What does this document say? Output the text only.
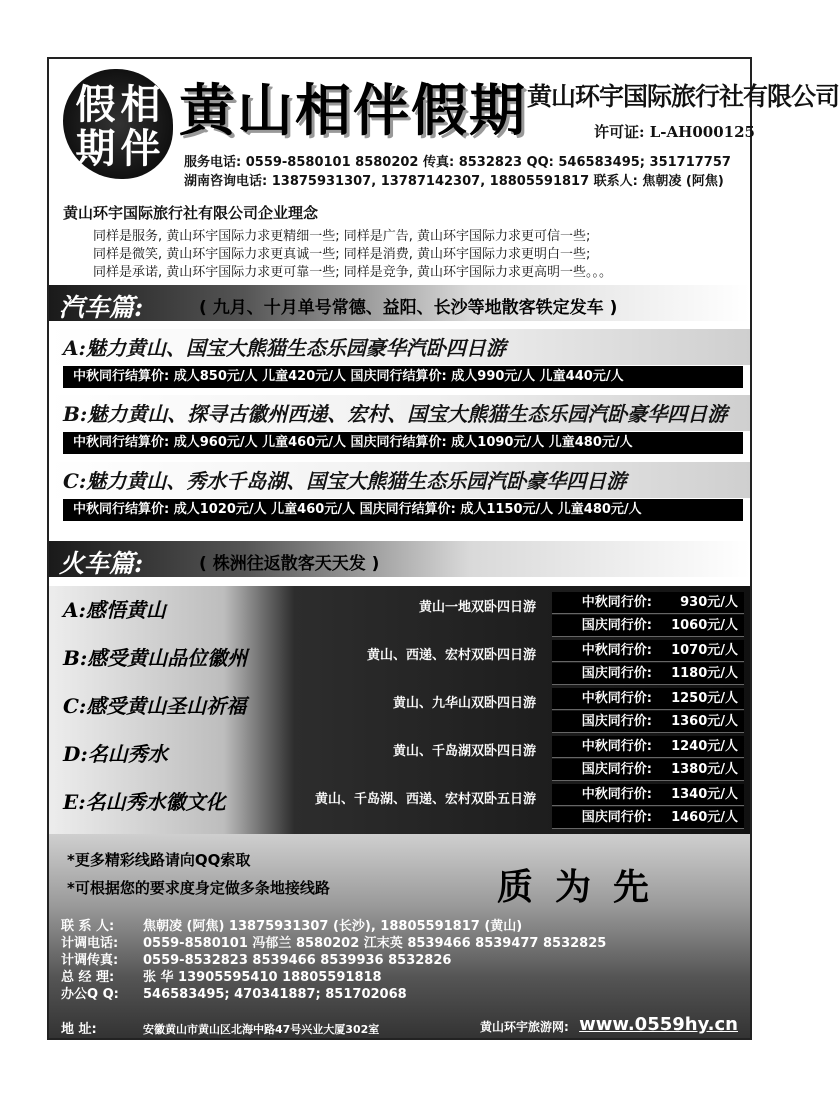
假 相
期 伴
黄山相伴假期 黄山环宇国际旅行社有限公司
许可证: L-AH000125
服务电话: 0559-8580101 8580202 传真: 8532823 QQ: 546583495; 351717757
湖南咨询电话: 13875931307, 13787142307, 18805591817 联系人: 焦朝凌 (阿焦)
黄山环宇国际旅行社有限公司企业理念
同样是服务, 黄山环宇国际力求更精细一些; 同样是广告, 黄山环宇国际力求更可信一些;
同样是微笑, 黄山环宇国际力求更真诚一些; 同样是消费, 黄山环宇国际力求更明白一些;
同样是承诺, 黄山环宇国际力求更可靠一些; 同样是竞争, 黄山环宇国际力求更高明一些。。。
汽车篇:	( 九月、十月单号常德、益阳、长沙等地散客铁定发车 )
A:魅力黄山、国宝大熊猫生态乐园豪华汽卧四日游
中秋同行结算价: 成人850元/人 儿童420元/人 国庆同行结算价: 成人990元/人 儿童440元/人
B:魅力黄山、探寻古徽州西递、宏村、国宝大熊猫生态乐园汽卧豪华四日游
中秋同行结算价: 成人960元/人 儿童460元/人 国庆同行结算价: 成人1090元/人 儿童480元/人
C:魅力黄山、秀水千岛湖、国宝大熊猫生态乐园汽卧豪华四日游
中秋同行结算价: 成人1020元/人 儿童460元/人 国庆同行结算价: 成人1150元/人 儿童480元/人
火车篇:	( 株洲往返散客天天发 )
A:感悟黄山	黄山一地双卧四日游	中秋同行价: 930元/人
国庆同行价: 1060元/人
B:感受黄山品位徽州	黄山、西递、宏村双卧四日游	中秋同行价: 1070元/人
国庆同行价: 1180元/人
C:感受黄山圣山祈福	黄山、九华山双卧四日游	中秋同行价: 1250元/人
国庆同行价: 1360元/人
D:名山秀水	黄山、千岛湖双卧四日游	中秋同行价: 1240元/人
国庆同行价: 1380元/人
E:名山秀水徽文化	黄山、千岛湖、西递、宏村双卧五日游	中秋同行价: 1340元/人
国庆同行价: 1460元/人
*更多精彩线路请向QQ索取
*可根据您的要求度身定做多条地接线路	质为先
联 系 人: 焦朝凌 (阿焦) 13875931307 (长沙), 18805591817 (黄山)
计调电话: 0559-8580101 冯郁兰 8580202 江末英 8539466 8539477 8532825
计调传真: 0559-8532823 8539466 8539936 8532826
总 经 理: 张 华 13905595410 18805591818
办公Q Q: 546583495; 470341887; 851702068
地 址:	安徽黄山市黄山区北海中路47号兴业大厦302室	黄山环宇旅游网: www.0559hy.cn
